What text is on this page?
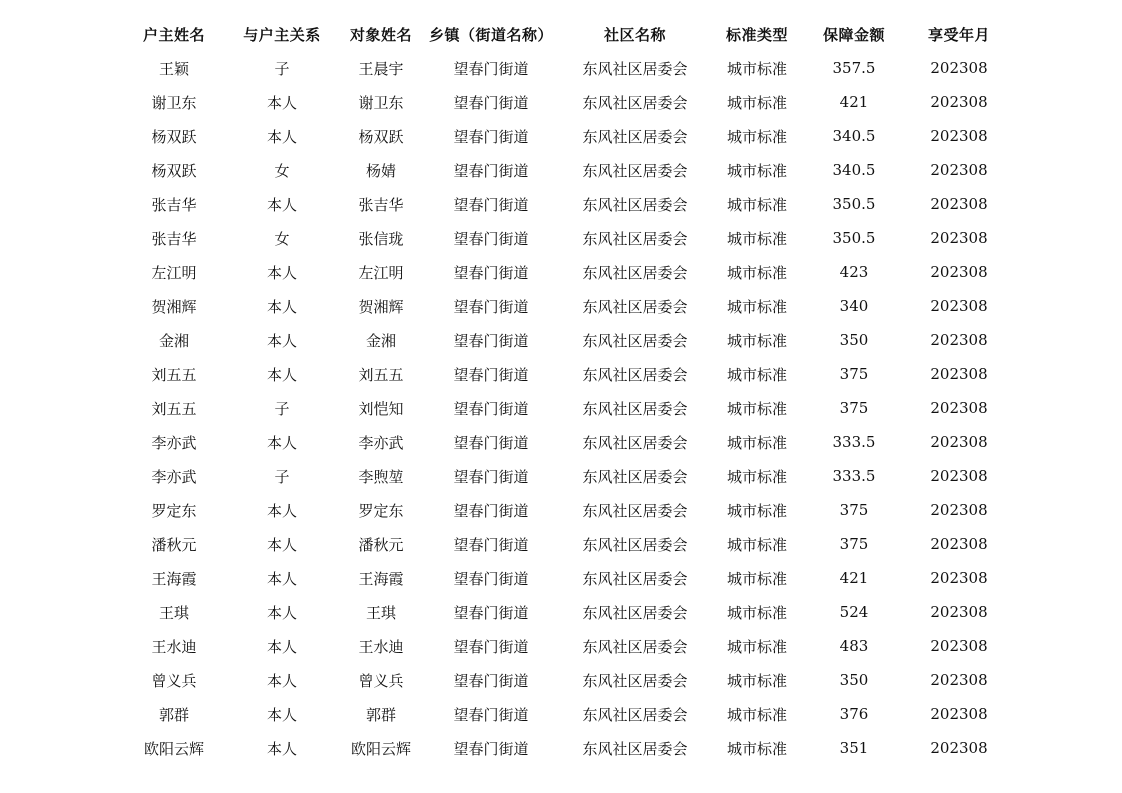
户主姓名	与户主关系	对象姓名	乡镇（街道名称）	社区名称	标准类型	保障金额	享受年月
王颖	子	王晨宇	望春门街道	东风社区居委会	城市标准	357.5	202308
谢卫东	本人	谢卫东	望春门街道	东风社区居委会	城市标准	421	202308
杨双跃	本人	杨双跃	望春门街道	东风社区居委会	城市标准	340.5	202308
杨双跃	女	杨婧	望春门街道	东风社区居委会	城市标准	340.5	202308
张吉华	本人	张吉华	望春门街道	东风社区居委会	城市标准	350.5	202308
张吉华	女	张信珑	望春门街道	东风社区居委会	城市标准	350.5	202308
左江明	本人	左江明	望春门街道	东风社区居委会	城市标准	423	202308
贺湘辉	本人	贺湘辉	望春门街道	东风社区居委会	城市标准	340	202308
金湘	本人	金湘	望春门街道	东风社区居委会	城市标准	350	202308
刘五五	本人	刘五五	望春门街道	东风社区居委会	城市标准	375	202308
刘五五	子	刘恺知	望春门街道	东风社区居委会	城市标准	375	202308
李亦武	本人	李亦武	望春门街道	东风社区居委会	城市标准	333.5	202308
李亦武	子	李煦堃	望春门街道	东风社区居委会	城市标准	333.5	202308
罗定东	本人	罗定东	望春门街道	东风社区居委会	城市标准	375	202308
潘秋元	本人	潘秋元	望春门街道	东风社区居委会	城市标准	375	202308
王海霞	本人	王海霞	望春门街道	东风社区居委会	城市标准	421	202308
王琪	本人	王琪	望春门街道	东风社区居委会	城市标准	524	202308
王水迪	本人	王水迪	望春门街道	东风社区居委会	城市标准	483	202308
曾义兵	本人	曾义兵	望春门街道	东风社区居委会	城市标准	350	202308
郭群	本人	郭群	望春门街道	东风社区居委会	城市标准	376	202308
欧阳云辉	本人	欧阳云辉	望春门街道	东风社区居委会	城市标准	351	202308
